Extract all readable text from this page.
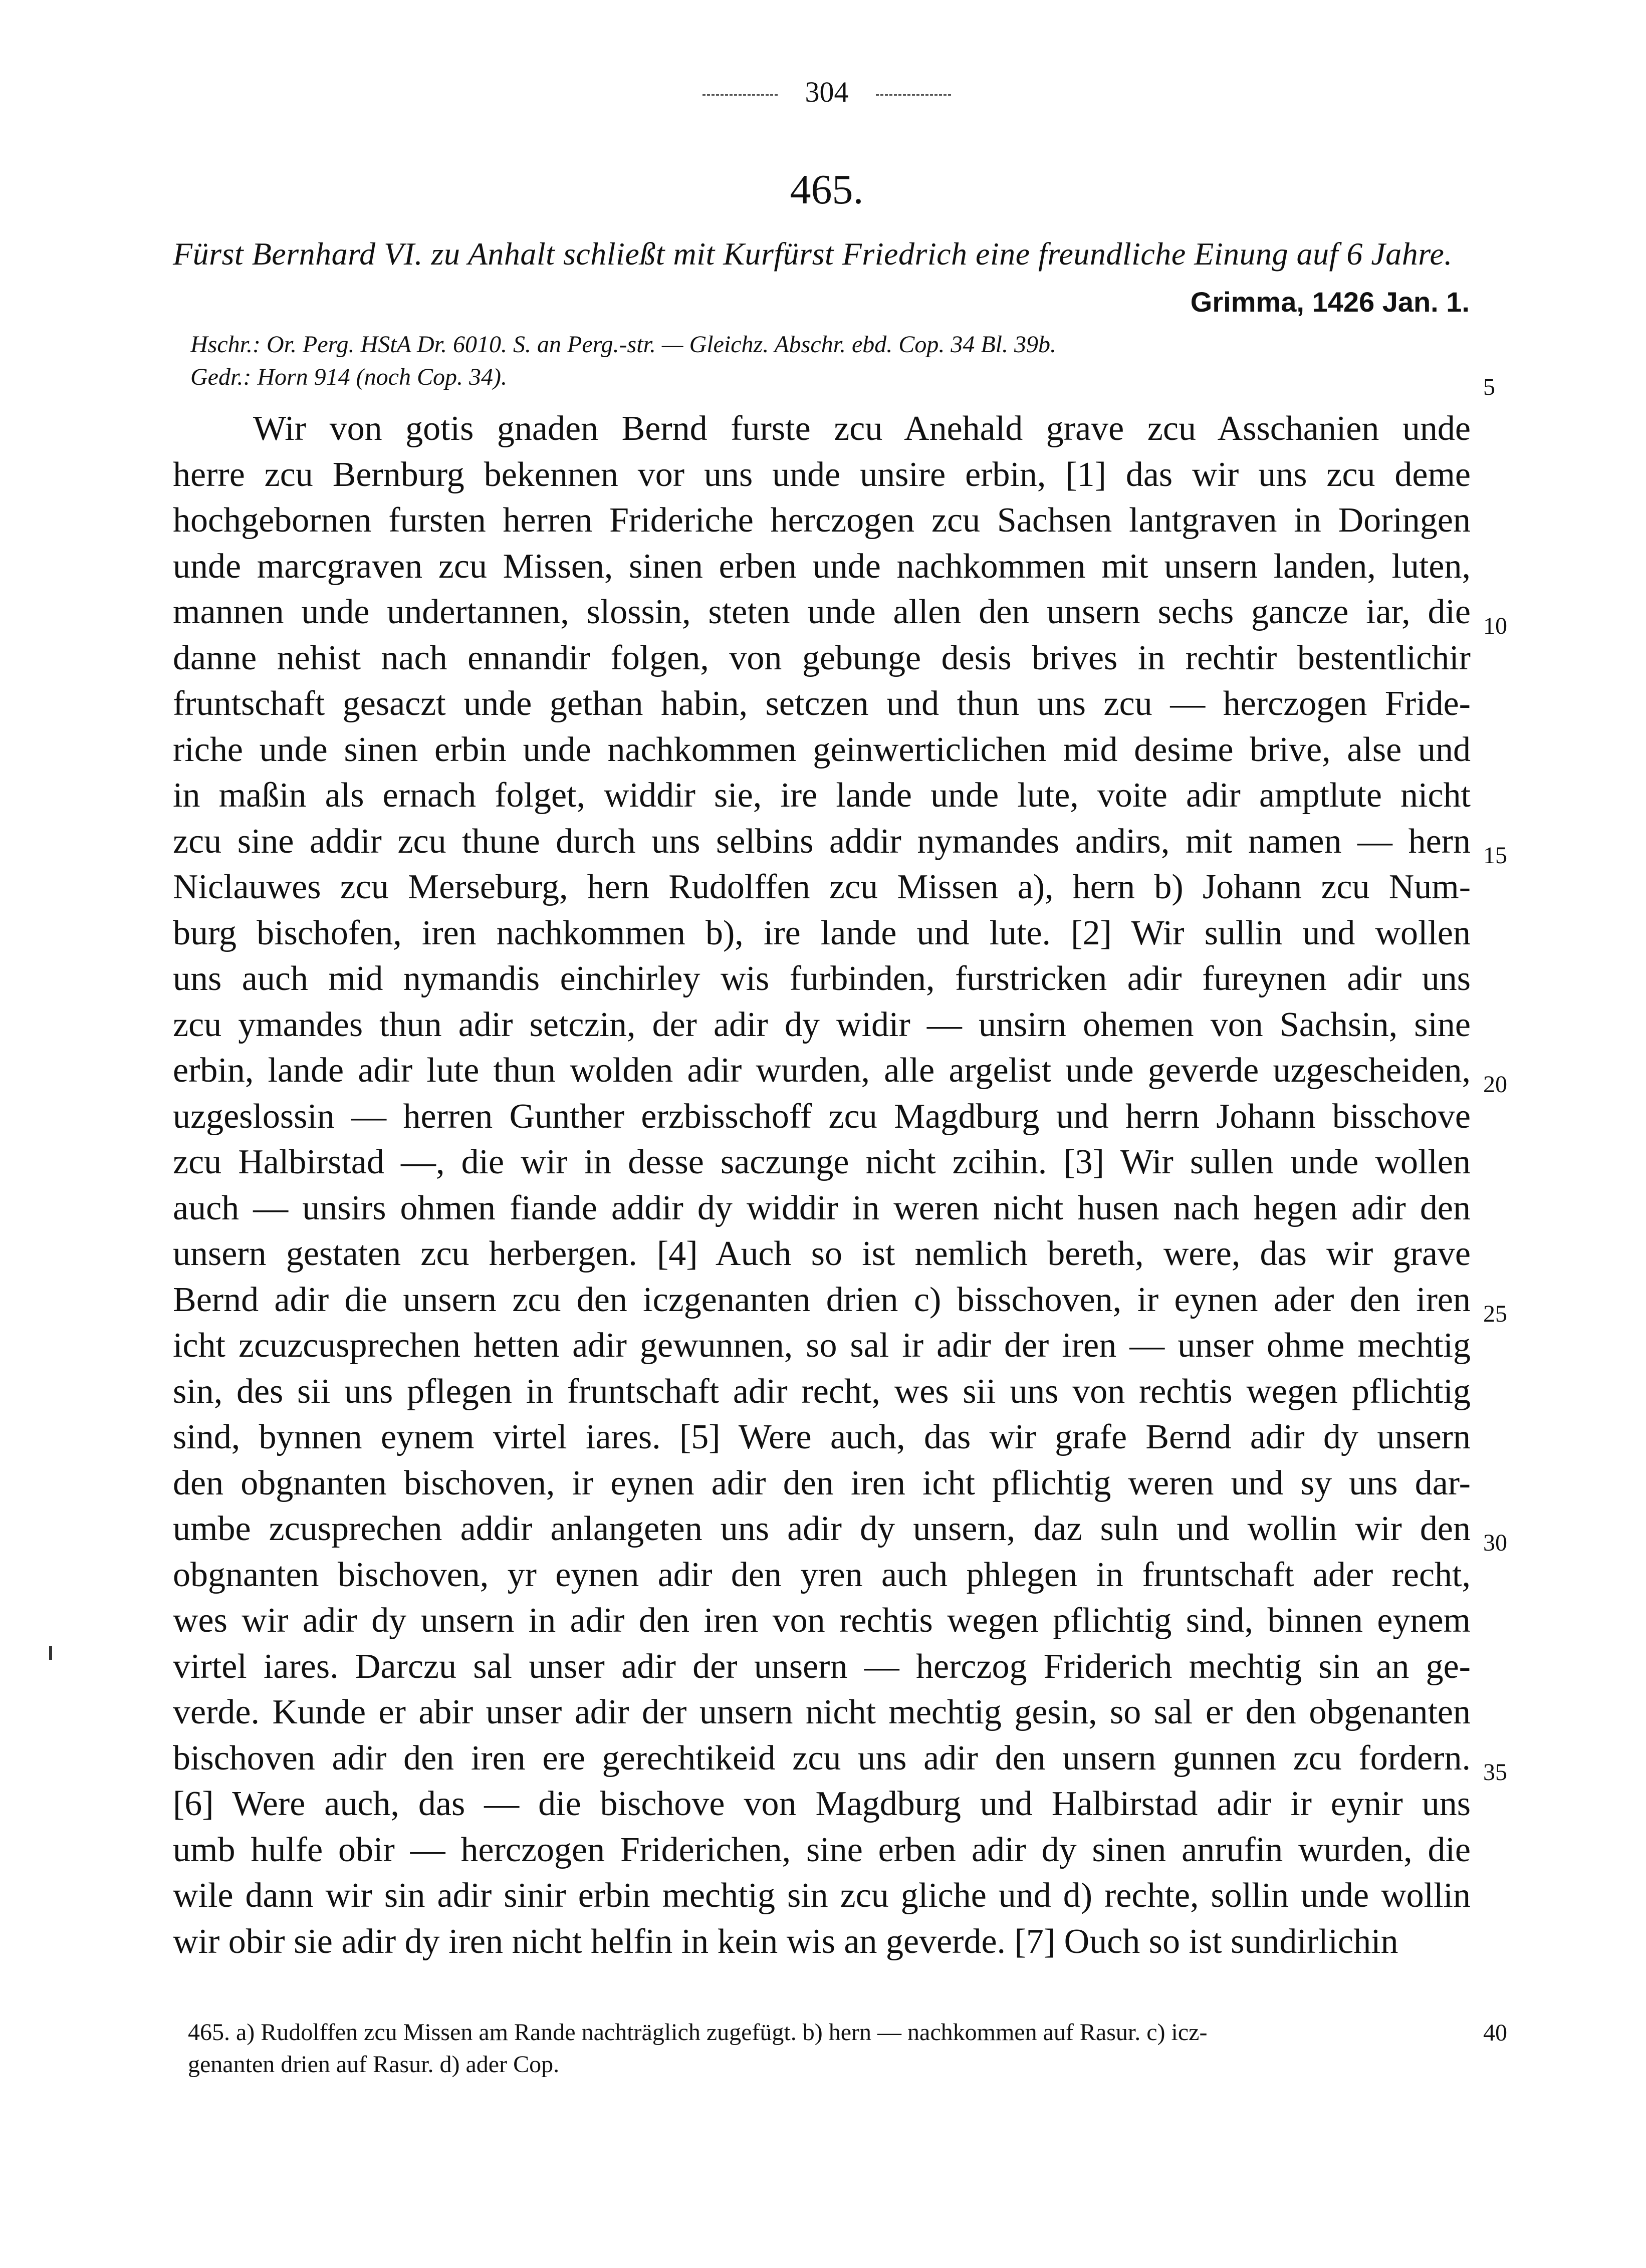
304
465.
Fürst Bernhard VI. zu Anhalt schließt mit Kurfürst Friedrich eine freundliche Einung auf 6 Jahre.
Grimma, 1426 Jan. 1.
Hschr.: Or. Perg. HStA Dr. 6010. S. an Perg.-str. — Gleichz. Abschr. ebd. Cop. 34 Bl. 39b.
Gedr.: Horn 914 (noch Cop. 34).
Wir von gotis gnaden Bernd furste zcu Anehald grave zcu Asschanien unde
herre zcu Bernburg bekennen vor uns unde unsire erbin, [1] das wir uns zcu deme
hochgebornen fursten herren Frideriche herczogen zcu Sachsen lantgraven in Doringen
unde marcgraven zcu Missen, sinen erben unde nachkommen mit unsern landen, luten,
mannen unde undertannen, slossin, steten unde allen den unsern sechs gancze iar, die
danne nehist nach ennandir folgen, von gebunge desis brives in rechtir bestentlichir
fruntschaft gesaczt unde gethan habin, setczen und thun uns zcu — herczogen Fride-
riche unde sinen erbin unde nachkommen geinwerticlichen mid desime brive, alse und
in maßin als ernach folget, widdir sie, ire lande unde lute, voite adir amptlute nicht
zcu sine addir zcu thune durch uns selbins addir nymandes andirs, mit namen — hern
Niclauwes zcu Merseburg, hern Rudolffen zcu Missen a), hern b) Johann zcu Num-
burg bischofen, iren nachkommen b), ire lande und lute. [2] Wir sullin und wollen
uns auch mid nymandis einchirley wis furbinden, furstricken adir fureynen adir uns
zcu ymandes thun adir setczin, der adir dy widir — unsirn ohemen von Sachsin, sine
erbin, lande adir lute thun wolden adir wurden, alle argelist unde geverde uzgescheiden,
uzgeslossin — herren Gunther erzbisschoff zcu Magdburg und herrn Johann bisschove
zcu Halbirstad —, die wir in desse saczunge nicht zcihin. [3] Wir sullen unde wollen
auch — unsirs ohmen fiande addir dy widdir in weren nicht husen nach hegen adir den
unsern gestaten zcu herbergen. [4] Auch so ist nemlich bereth, were, das wir grave
Bernd adir die unsern zcu den iczgenanten drien c) bisschoven, ir eynen ader den iren
icht zcuzcusprechen hetten adir gewunnen, so sal ir adir der iren — unser ohme mechtig
sin, des sii uns pflegen in fruntschaft adir recht, wes sii uns von rechtis wegen pflichtig
sind, bynnen eynem virtel iares. [5] Were auch, das wir grafe Bernd adir dy unsern
den obgnanten bischoven, ir eynen adir den iren icht pflichtig weren und sy uns dar-
umbe zcusprechen addir anlangeten uns adir dy unsern, daz suln und wollin wir den
obgnanten bischoven, yr eynen adir den yren auch phlegen in fruntschaft ader recht,
wes wir adir dy unsern in adir den iren von rechtis wegen pflichtig sind, binnen eynem
virtel iares. Darczu sal unser adir der unsern — herczog Friderich mechtig sin an ge-
verde. Kunde er abir unser adir der unsern nicht mechtig gesin, so sal er den obgenanten
bischoven adir den iren ere gerechtikeid zcu uns adir den unsern gunnen zcu fordern.
[6] Were auch, das — die bischove von Magdburg und Halbirstad adir ir eynir uns
umb hulfe obir — herczogen Friderichen, sine erben adir dy sinen anrufin wurden, die
wile dann wir sin adir sinir erbin mechtig sin zcu gliche und d) rechte, sollin unde wollin
wir obir sie adir dy iren nicht helfin in kein wis an geverde. [7] Ouch so ist sundirlichin
5
10
15
20
25
30
35
40
465. a) Rudolffen zcu Missen am Rande nachträglich zugefügt. b) hern — nachkommen auf Rasur. c) icz-
genanten drien auf Rasur. d) ader Cop.
